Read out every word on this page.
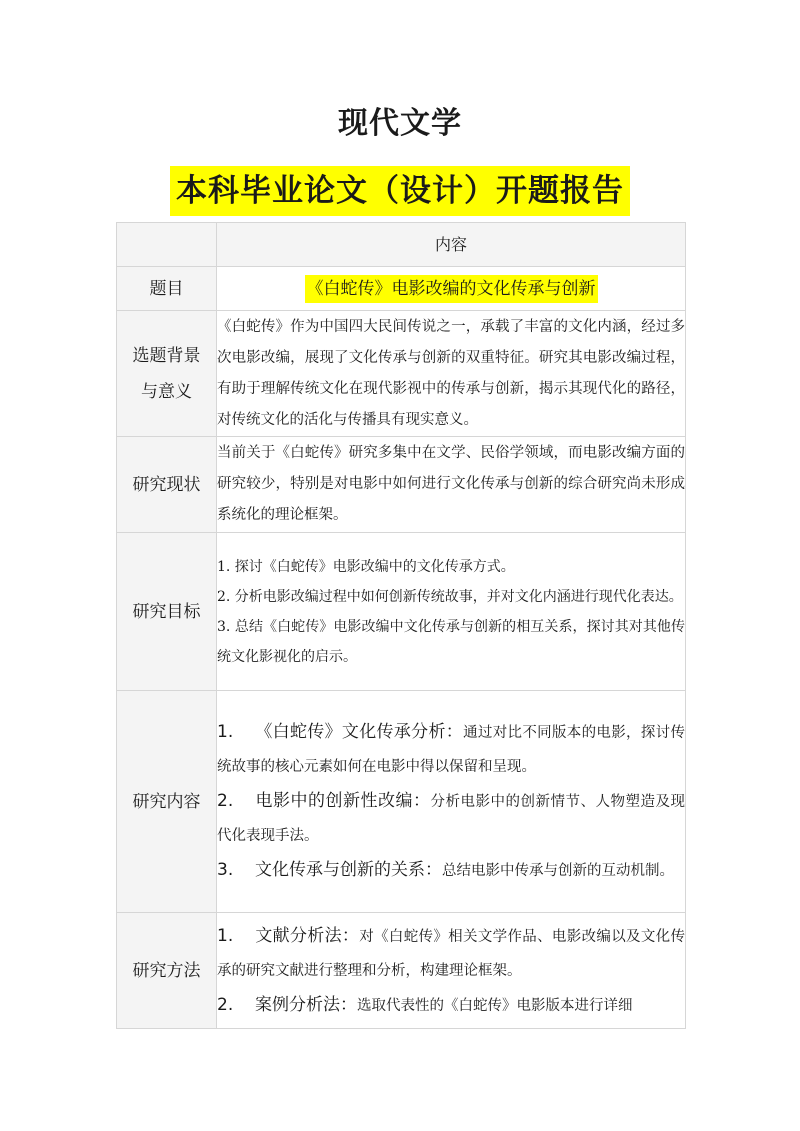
现代文学
本科毕业论文（设计）开题报告
	内容
题目	《白蛇传》电影改编的文化传承与创新

选题背景
与意义	《白蛇传》作为中国四大民间传说之一，承载了丰富的文化内涵，经过多次电影改编，展现了文化传承与创新的双重特征。研究其电影改编过程，有助于理解传统文化在现代影视中的传承与创新，揭示其现代化的路径，对传统文化的活化与传播具有现实意义。

研究现状	当前关于《白蛇传》研究多集中在文学、民俗学领域，而电影改编方面的研究较少，特别是对电影中如何进行文化传承与创新的综合研究尚未形成系统化的理论框架。

研究目标	1. 探讨《白蛇传》电影改编中的文化传承方式。
2. 分析电影改编过程中如何创新传统故事，并对文化内涵进行现代化表达。
3. 总结《白蛇传》电影改编中文化传承与创新的相互关系，探讨其对其他传统文化影视化的启示。

研究内容	1. 《白蛇传》文化传承分析：通过对比不同版本的电影，探讨传统故事的核心元素如何在电影中得以保留和呈现。
2. 电影中的创新性改编：分析电影中的创新情节、人物塑造及现代化表现手法。
3. 文化传承与创新的关系：总结电影中传承与创新的互动机制。

研究方法	1. 文献分析法：对《白蛇传》相关文学作品、电影改编以及文化传承的研究文献进行整理和分析，构建理论框架。
2. 案例分析法：选取代表性的《白蛇传》电影版本进行详细
